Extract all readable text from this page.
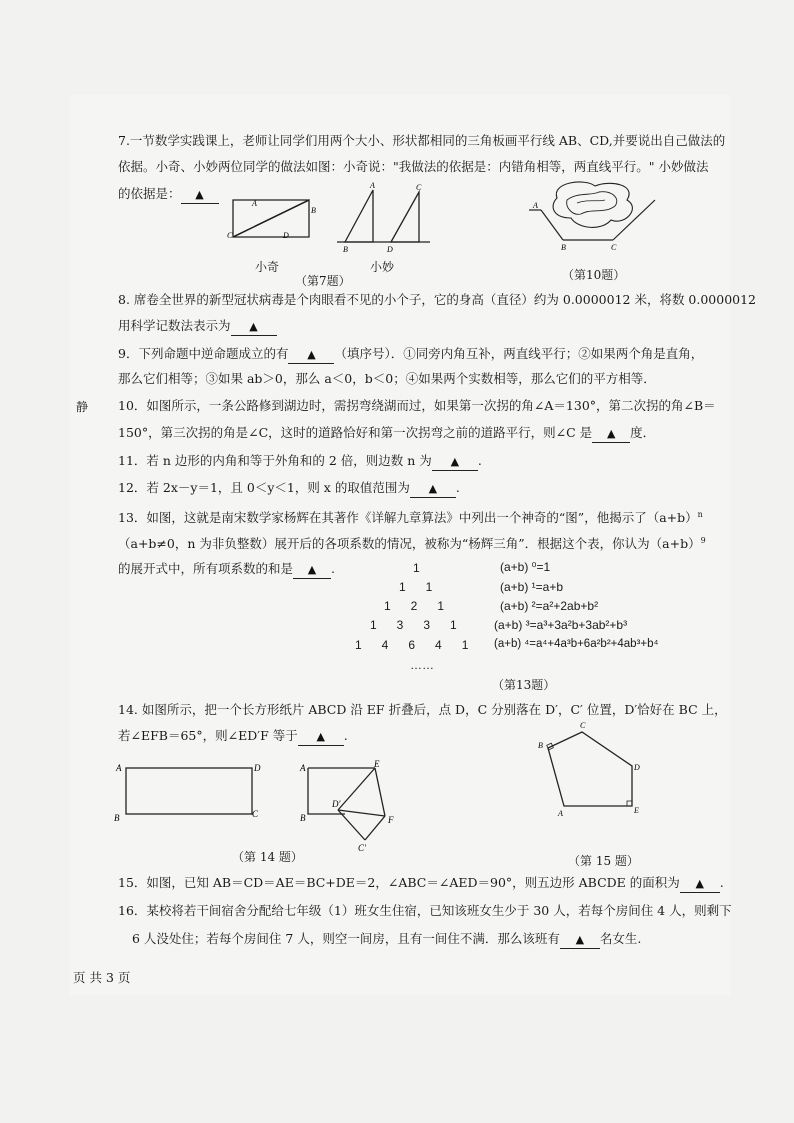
7.一节数学实践课上，老师让同学们用两个大小、形状都相同的三角板画平行线 AB、CD,并要说出自己做法的
依据。小奇、小妙两位同学的做法如图：小奇说："我做法的依据是：内错角相等，两直线平行。" 小妙做法
的依据是： ▲
A
B
C	D
A	C
B	D
小奇	小妙
（第7题）
A
B	C
（第10题）
8. 席卷全世界的新型冠状病毒是个肉眼看不见的小个子，它的身高（直径）约为 0.0000012 米，将数 0.0000012
用科学记数法表示为 ▲
9．下列命题中逆命题成立的有 ▲ （填序号）．①同旁内角互补，两直线平行；②如果两个角是直角，
那么它们相等；③如果 ab＞0，那么 a＜0，b＜0；④如果两个实数相等，那么它们的平方相等．
静 10．如图所示，一条公路修到湖边时，需拐弯绕湖而过，如果第一次拐的角∠A＝130°，第二次拐的角∠B＝
150°，第三次拐的角是∠C，这时的道路恰好和第一次拐弯之前的道路平行，则∠C 是 ▲ 度．
11．若 n 边形的内角和等于外角和的 2 倍，则边数 n 为 ▲ .
12．若 2x－y＝1，且 0＜y＜1，则 x 的取值范围为 ▲ .
13．如图，这就是南宋数学家杨辉在其著作《详解九章算法》中列出一个神奇的“图”，他揭示了$(a+b)^n$
（a+b≠0，n 为非负整数）展开后的各项系数的情况，被称为“杨辉三角”．根据这个表，你认为$(a+b)^9$
的展开式中，所有项系数的和是 ▲ .	1
1      1
1      2      1
1      3      3      1
1      4      6      4      1
……
(a+b) ⁰=1
(a+b) ¹=a+b
(a+b) ²=a²+2ab+b²
(a+b) ³=a³+3a²b+3ab²+b³
(a+b) ⁴=a⁴+4a³b+6a²b²+4ab³+b⁴
（第13题）
14. 如图所示，把一个长方形纸片 ABCD 沿 EF 折叠后，点 D，C 分别落在 D′，C′ 位置，D′恰好在 BC 上，
若∠EFB＝65°，则∠ED′F 等于 ▲ .
A	D
B	C
A	E
D′
F
B
C′
（第 14 题）
A
B
C
D
E
（第 15 题）
15．如图，已知 AB＝CD＝AE＝BC+DE＝2，∠ABC＝∠AED＝90°，则五边形 ABCDE 的面积为 ▲ .
16．某校将若干间宿舍分配给七年级（1）班女生住宿，已知该班女生少于 30 人，若每个房间住 4 人，则剩下
6 人没处住；若每个房间住 7 人，则空一间房，且有一间住不满．那么该班有 ▲ 名女生.
页 共 3 页
